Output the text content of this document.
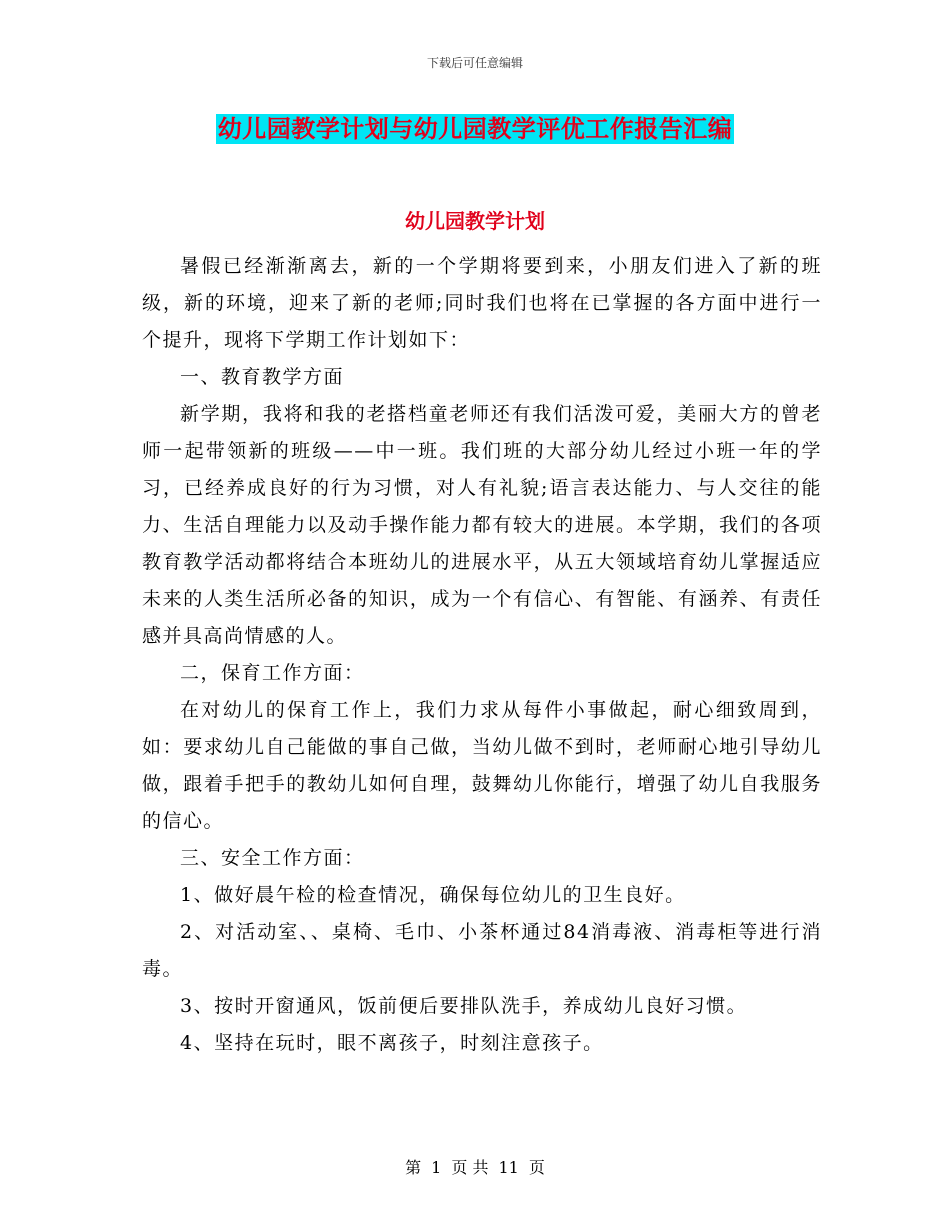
下载后可任意编辑
幼儿园教学计划与幼儿园教学评优工作报告汇编
幼儿园教学计划

暑假已经渐渐离去，新的一个学期将要到来，小朋友们进入了新的班级，新的环境，迎来了新的老师;同时我们也将在已掌握的各方面中进行一个提升，现将下学期工作计划如下：

一、教育教学方面

新学期，我将和我的老搭档童老师还有我们活泼可爱，美丽大方的曾老师一起带领新的班级——中一班。我们班的大部分幼儿经过小班一年的学习，已经养成良好的行为习惯，对人有礼貌;语言表达能力、与人交往的能力、生活自理能力以及动手操作能力都有较大的进展。本学期，我们的各项教育教学活动都将结合本班幼儿的进展水平，从五大领域培育幼儿掌握适应未来的人类生活所必备的知识，成为一个有信心、有智能、有涵养、有责任感并具高尚情感的人。

二，保育工作方面：

在对幼儿的保育工作上，我们力求从每件小事做起，耐心细致周到，如：要求幼儿自己能做的事自己做，当幼儿做不到时，老师耐心地引导幼儿做，跟着手把手的教幼儿如何自理，鼓舞幼儿你能行，增强了幼儿自我服务的信心。

三、安全工作方面：

1、做好晨午检的检查情况，确保每位幼儿的卫生良好。

2、对活动室、、桌椅、毛巾、小茶杯通过84消毒液、消毒柜等进行消毒。

3、按时开窗通风，饭前便后要排队洗手，养成幼儿良好习惯。

4、坚持在玩时，眼不离孩子，时刻注意孩子。

第 1 页 共 11 页
